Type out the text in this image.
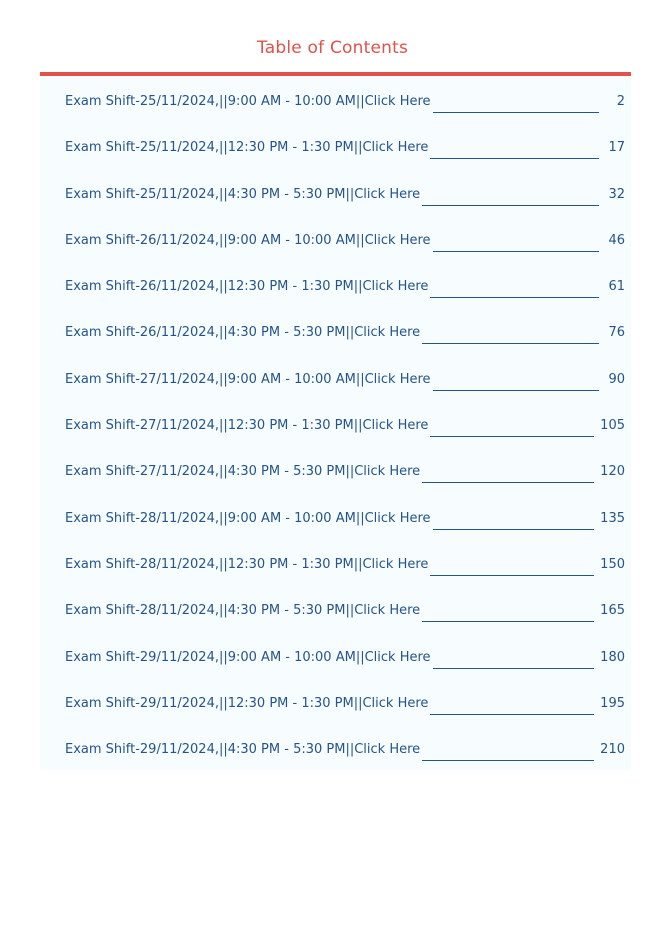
Table of Contents
Exam Shift-25/11/2024,||9:00 AM - 10:00 AM||Click Here	2
Exam Shift-25/11/2024,||12:30 PM - 1:30 PM||Click Here	17
Exam Shift-25/11/2024,||4:30 PM - 5:30 PM||Click Here	32
Exam Shift-26/11/2024,||9:00 AM - 10:00 AM||Click Here	46
Exam Shift-26/11/2024,||12:30 PM - 1:30 PM||Click Here	61
Exam Shift-26/11/2024,||4:30 PM - 5:30 PM||Click Here	76
Exam Shift-27/11/2024,||9:00 AM - 10:00 AM||Click Here	90
Exam Shift-27/11/2024,||12:30 PM - 1:30 PM||Click Here	105
Exam Shift-27/11/2024,||4:30 PM - 5:30 PM||Click Here	120
Exam Shift-28/11/2024,||9:00 AM - 10:00 AM||Click Here	135
Exam Shift-28/11/2024,||12:30 PM - 1:30 PM||Click Here	150
Exam Shift-28/11/2024,||4:30 PM - 5:30 PM||Click Here	165
Exam Shift-29/11/2024,||9:00 AM - 10:00 AM||Click Here	180
Exam Shift-29/11/2024,||12:30 PM - 1:30 PM||Click Here	195
Exam Shift-29/11/2024,||4:30 PM - 5:30 PM||Click Here	210
